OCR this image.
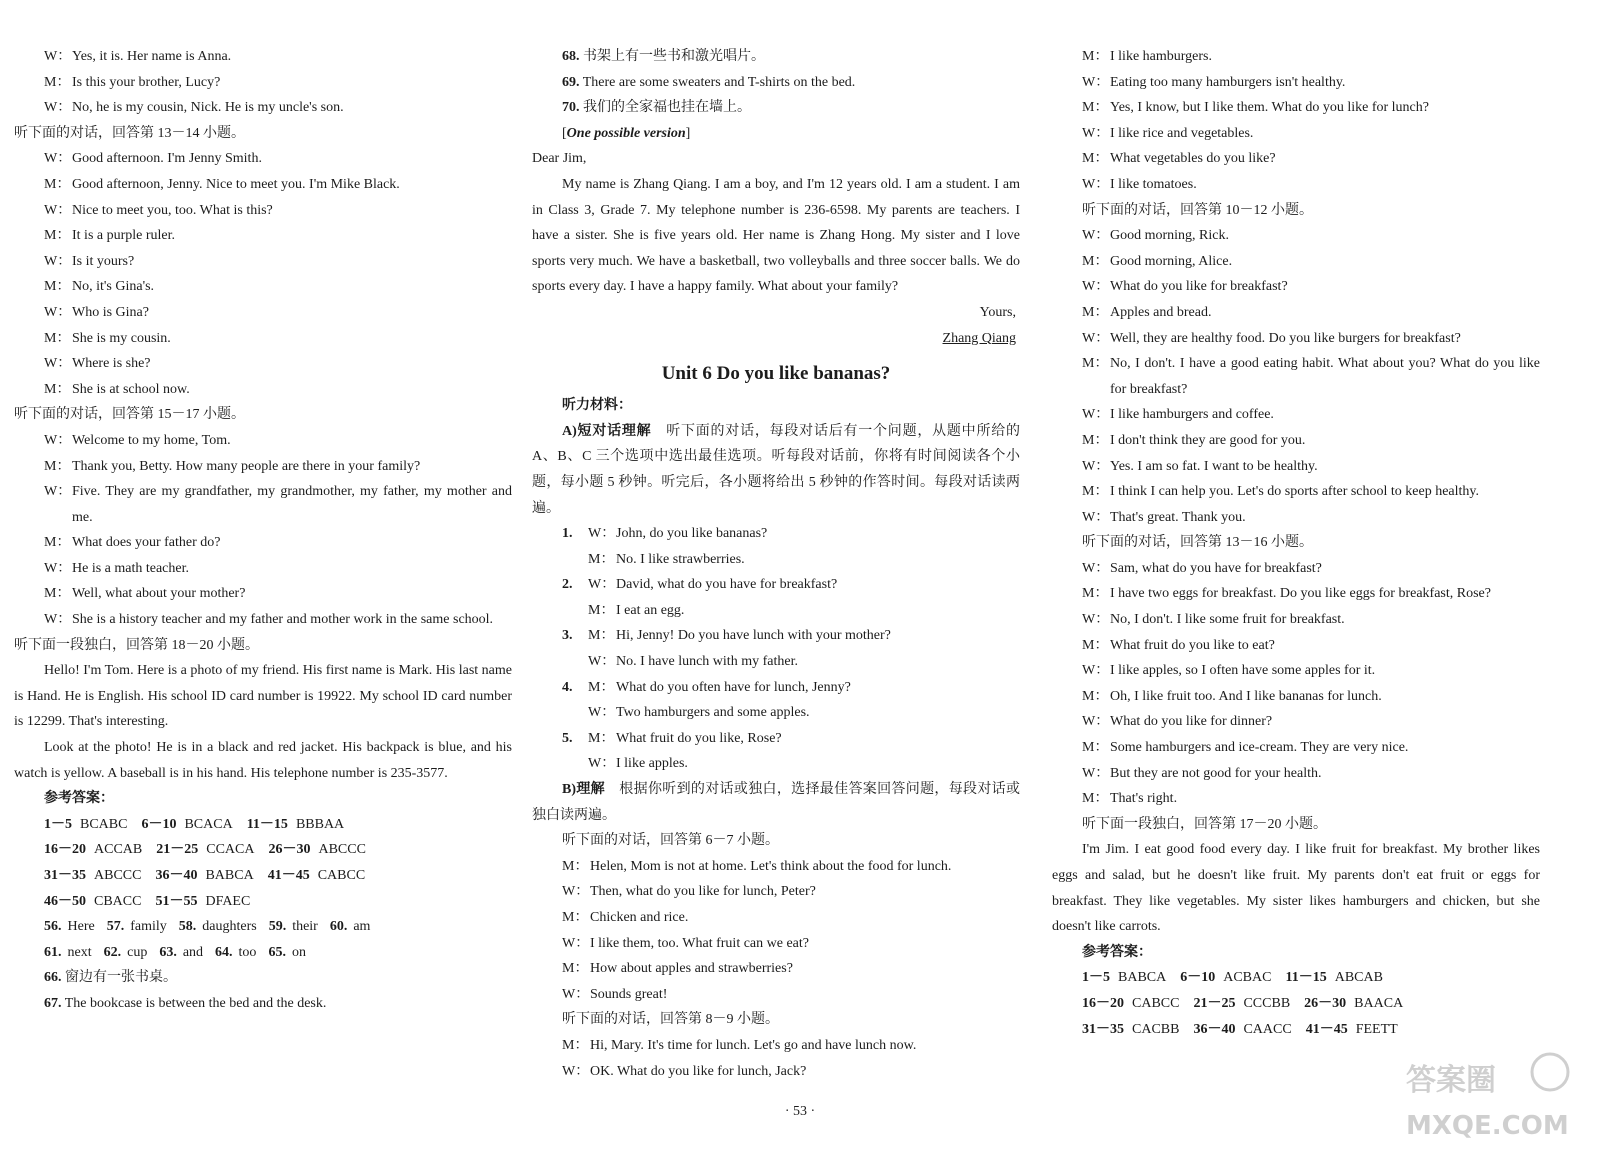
W： Yes, it is. Her name is Anna.
M： Is this your brother, Lucy?
W： No, he is my cousin, Nick. He is my uncle's son.
听下面的对话，回答第 13－14 小题。
W： Good afternoon. I'm Jenny Smith.
M： Good afternoon, Jenny. Nice to meet you. I'm Mike Black.
W： Nice to meet you, too. What is this?
M： It is a purple ruler.
W： Is it yours?
M： No, it's Gina's.
W： Who is Gina?
M： She is my cousin.
W： Where is she?
M： She is at school now.
听下面的对话，回答第 15－17 小题。
W： Welcome to my home, Tom.
M： Thank you, Betty. How many people are there in your family?
W： Five. They are my grandfather, my grandmother, my father, my mother and me.
M： What does your father do?
W： He is a math teacher.
M： Well, what about your mother?
W： She is a history teacher and my father and mother work in the same school.
听下面一段独白，回答第 18－20 小题。
Hello! I'm Tom. Here is a photo of my friend. His first name is Mark. His last name is Hand. He is English. His school ID card number is 19922. My school ID card number is 12299. That's interesting.
Look at the photo! He is in a black and red jacket. His backpack is blue, and his watch is yellow. A baseball is in his hand. His telephone number is 235-3577.
参考答案：
1－5 BCABC 6－10 BCACA 11－15 BBBAA
16－20 ACCAB 21－25 CCACA 26－30 ABCCC
31－35 ABCCC 36－40 BABCA 41－45 CABCC
46－50 CBACC 51－55 DFAEC
56. Here 57. family 58. daughters 59. their 60. am
61. next 62. cup 63. and 64. too 65. on
66. 窗边有一张书桌。
67. The bookcase is between the bed and the desk.
68. 书架上有一些书和激光唱片。
69. There are some sweaters and T-shirts on the bed.
70. 我们的全家福也挂在墙上。
[One possible version]
Dear Jim,
My name is Zhang Qiang. I am a boy, and I'm 12 years old. I am a student. I am in Class 3, Grade 7. My telephone number is 236-6598. My parents are teachers. I have a sister. She is five years old. Her name is Zhang Hong. My sister and I love sports very much. We have a basketball, two volleyballs and three soccer balls. We do sports every day. I have a happy family. What about your family?
Yours,
Zhang Qiang
Unit 6 Do you like bananas?
听力材料：
A)短对话理解　 听下面的对话，每段对话后有一个问题，从题中所给的 A、B、C 三个选项中选出最佳选项。听每段对话前，你将有时间阅读各个小题，每小题 5 秒钟。听完后，各小题将给出 5 秒钟的作答时间。每段对话读两遍。
1.	W： John, do you like bananas?
M： No. I like strawberries.
2.	W： David, what do you have for breakfast?
M： I eat an egg.
3.	M： Hi, Jenny! Do you have lunch with your mother?
W： No. I have lunch with my father.
4.	M： What do you often have for lunch, Jenny?
W： Two hamburgers and some apples.
5.	M： What fruit do you like, Rose?
W： I like apples.
B)理解　 根据你听到的对话或独白，选择最佳答案回答问题，每段对话或独白读两遍。
听下面的对话，回答第 6－7 小题。
M： Helen, Mom is not at home. Let's think about the food for lunch.
W： Then, what do you like for lunch, Peter?
M： Chicken and rice.
W： I like them, too. What fruit can we eat?
M： How about apples and strawberries?
W： Sounds great!
听下面的对话，回答第 8－9 小题。
M： Hi, Mary. It's time for lunch. Let's go and have lunch now.
W： OK. What do you like for lunch, Jack?
M： I like hamburgers.
W： Eating too many hamburgers isn't healthy.
M： Yes, I know, but I like them. What do you like for lunch?
W： I like rice and vegetables.
M： What vegetables do you like?
W： I like tomatoes.
听下面的对话，回答第 10－12 小题。
W： Good morning, Rick.
M： Good morning, Alice.
W： What do you like for breakfast?
M： Apples and bread.
W： Well, they are healthy food. Do you like burgers for breakfast?
M： No, I don't. I have a good eating habit. What about you? What do you like for breakfast?
W： I like hamburgers and coffee.
M： I don't think they are good for you.
W： Yes. I am so fat. I want to be healthy.
M： I think I can help you. Let's do sports after school to keep healthy.
W： That's great. Thank you.
听下面的对话，回答第 13－16 小题。
W： Sam, what do you have for breakfast?
M： I have two eggs for breakfast. Do you like eggs for breakfast, Rose?
W： No, I don't. I like some fruit for breakfast.
M： What fruit do you like to eat?
W： I like apples, so I often have some apples for it.
M： Oh, I like fruit too. And I like bananas for lunch.
W： What do you like for dinner?
M： Some hamburgers and ice-cream. They are very nice.
W： But they are not good for your health.
M： That's right.
听下面一段独白，回答第 17－20 小题。
I'm Jim. I eat good food every day. I like fruit for breakfast. My brother likes eggs and salad, but he doesn't like fruit. My parents don't eat fruit or eggs for breakfast. They like vegetables. My sister likes hamburgers and chicken, but she doesn't like carrots.
参考答案：
1－5 BABCA 6－10 ACBAC 11－15 ABCAB
16－20 CABCC 21－25 CCCBB 26－30 BAACA
31－35 CACBB 36－40 CAACC 41－45 FEETT
· 53 ·
答案圈
MXQE.COM
